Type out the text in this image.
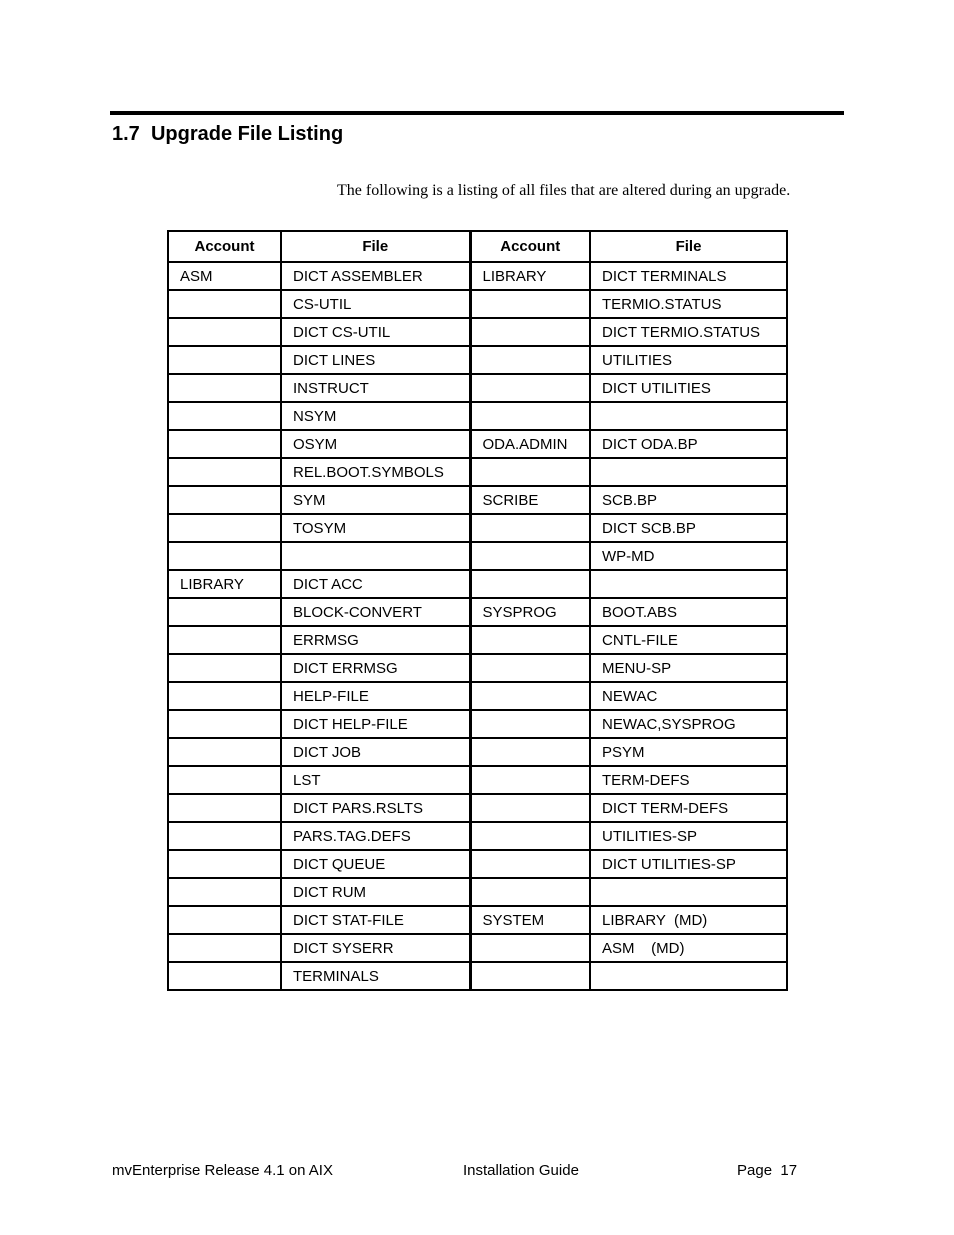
1.7 Upgrade File Listing
The following is a listing of all files that are altered during an upgrade.
Account	File	Account	File
ASM	DICT ASSEMBLER	LIBRARY	DICT TERMINALS
	CS-UTIL		TERMIO.STATUS
	DICT CS-UTIL		DICT TERMIO.STATUS
	DICT LINES		UTILITIES
	INSTRUCT		DICT UTILITIES
	NSYM		
	OSYM	ODA.ADMIN	DICT ODA.BP
	REL.BOOT.SYMBOLS		
	SYM	SCRIBE	SCB.BP
	TOSYM		DICT SCB.BP
			WP-MD
LIBRARY	DICT ACC		
	BLOCK-CONVERT	SYSPROG	BOOT.ABS
	ERRMSG		CNTL-FILE
	DICT ERRMSG		MENU-SP
	HELP-FILE		NEWAC
	DICT HELP-FILE		NEWAC,SYSPROG
	DICT JOB		PSYM
	LST		TERM-DEFS
	DICT PARS.RSLTS		DICT TERM-DEFS
	PARS.TAG.DEFS		UTILITIES-SP
	DICT QUEUE		DICT UTILITIES-SP
	DICT RUM		
	DICT STAT-FILE	SYSTEM	LIBRARY  (MD)
	DICT SYSERR		ASM    (MD)
	TERMINALS		
mvEnterprise Release 4.1 on AIX	Installation Guide	Page 17
